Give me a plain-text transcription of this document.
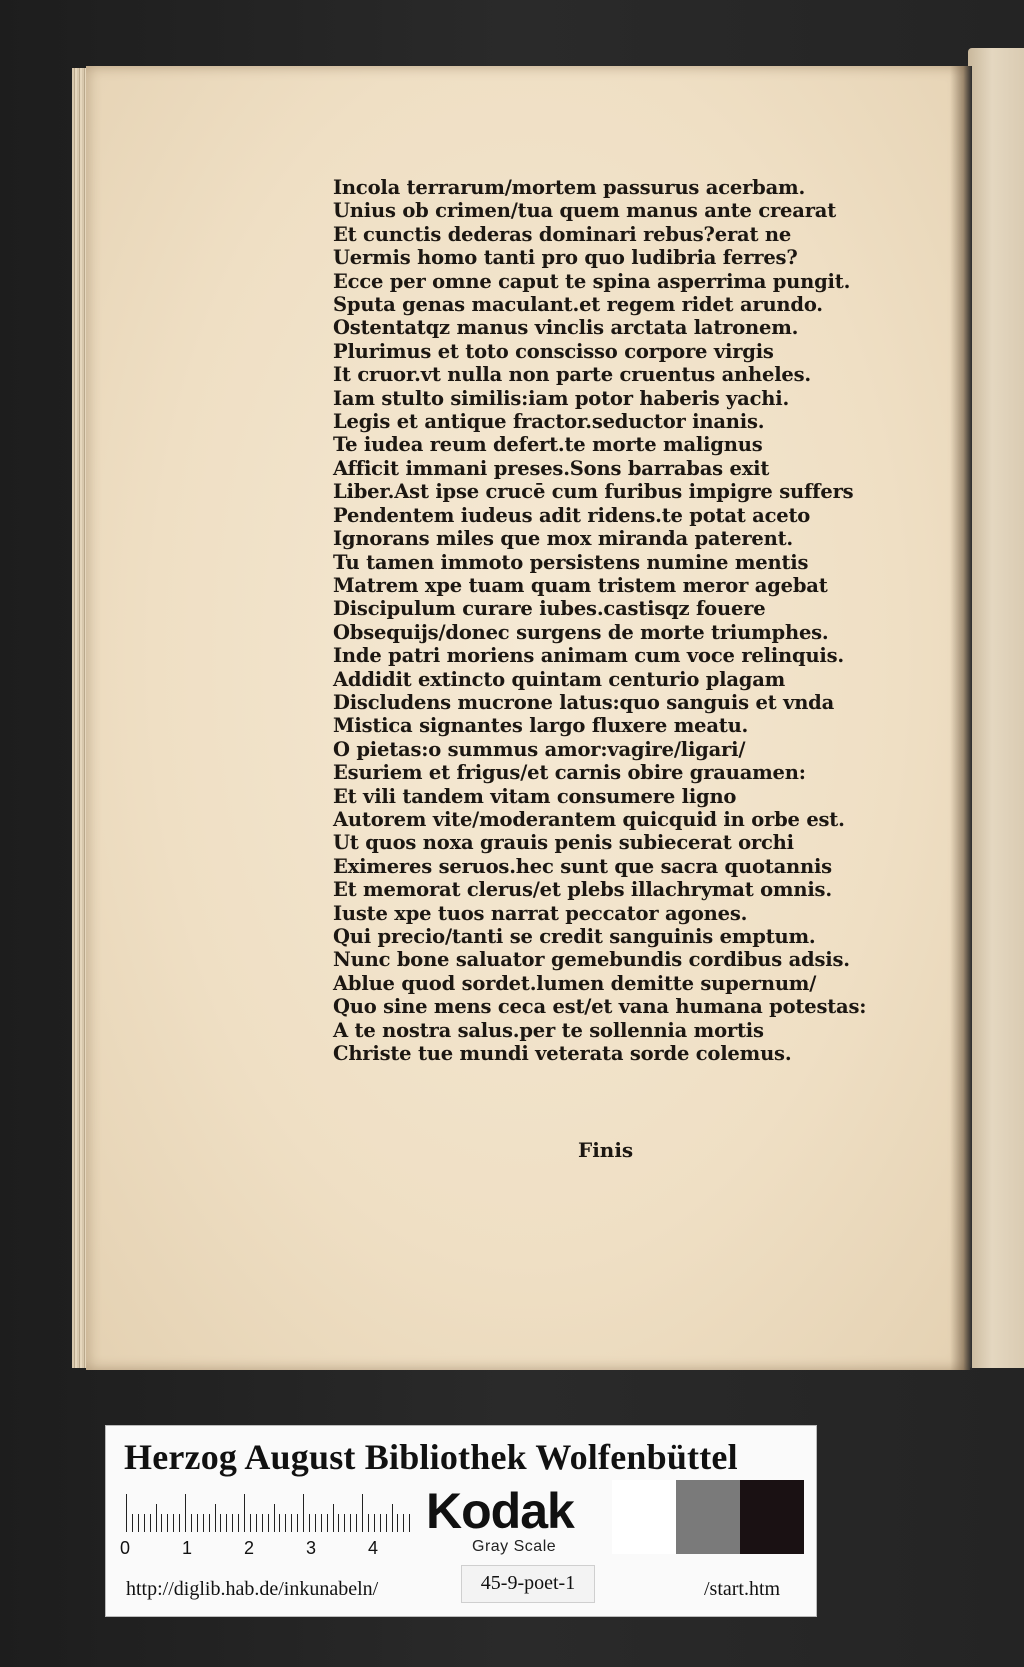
Incola terrarum/mortem passurus acerbam.
Unius ob crimen/tua quem manus ante crearat
Et cunctis dederas dominari rebus?erat ne
Uermis homo tanti pro quo ludibria ferres?
Ecce per omne caput te spina asperrima pungit.
Sputa genas maculant.et regem ridet arundo.
Ostentatqz manus vinclis arctata latronem.
Plurimus et toto conscisso corpore virgis
It cruor.vt nulla non parte cruentus anheles.
Iam stulto similis:iam potor haberis yachi.
Legis et antique fractor.seductor inanis.
Te iudea reum defert.te morte malignus
Afficit immani preses.Sons barrabas exit
Liber.Ast ipse crucē cum furibus impigre suffers
Pendentem iudeus adit ridens.te potat aceto
Ignorans miles que mox miranda paterent.
Tu tamen immoto persistens numine mentis
Matrem xpe tuam quam tristem meror agebat
Discipulum curare iubes.castisqz fouere
Obsequijs/donec surgens de morte triumphes.
Inde patri moriens animam cum voce relinquis.
Addidit extincto quintam centurio plagam
Discludens mucrone latus:quo sanguis et vnda
Mistica signantes largo fluxere meatu.
O pietas:o summus amor:vagire/ligari/
Esuriem et frigus/et carnis obire grauamen:
Et vili tandem vitam consumere ligno
Autorem vite/moderantem quicquid in orbe est.
Ut quos noxa grauis penis subiecerat orchi
Eximeres seruos.hec sunt que sacra quotannis
Et memorat clerus/et plebs illachrymat omnis.
Iuste xpe tuos narrat peccator agones.
Qui precio/tanti se credit sanguinis emptum.
Nunc bone saluator gemebundis cordibus adsis.
Ablue quod sordet.lumen demitte supernum/
Quo sine mens ceca est/et vana humana potestas:
A te nostra salus.per te sollennia mortis
Christe tue mundi veterata sorde colemus.
Finis
Herzog August Bibliothek Wolfenbüttel
0	1	2	3	4
Kodak
Gray Scale
http://diglib.hab.de/inkunabeln/	45-9-poet-1	/start.htm
